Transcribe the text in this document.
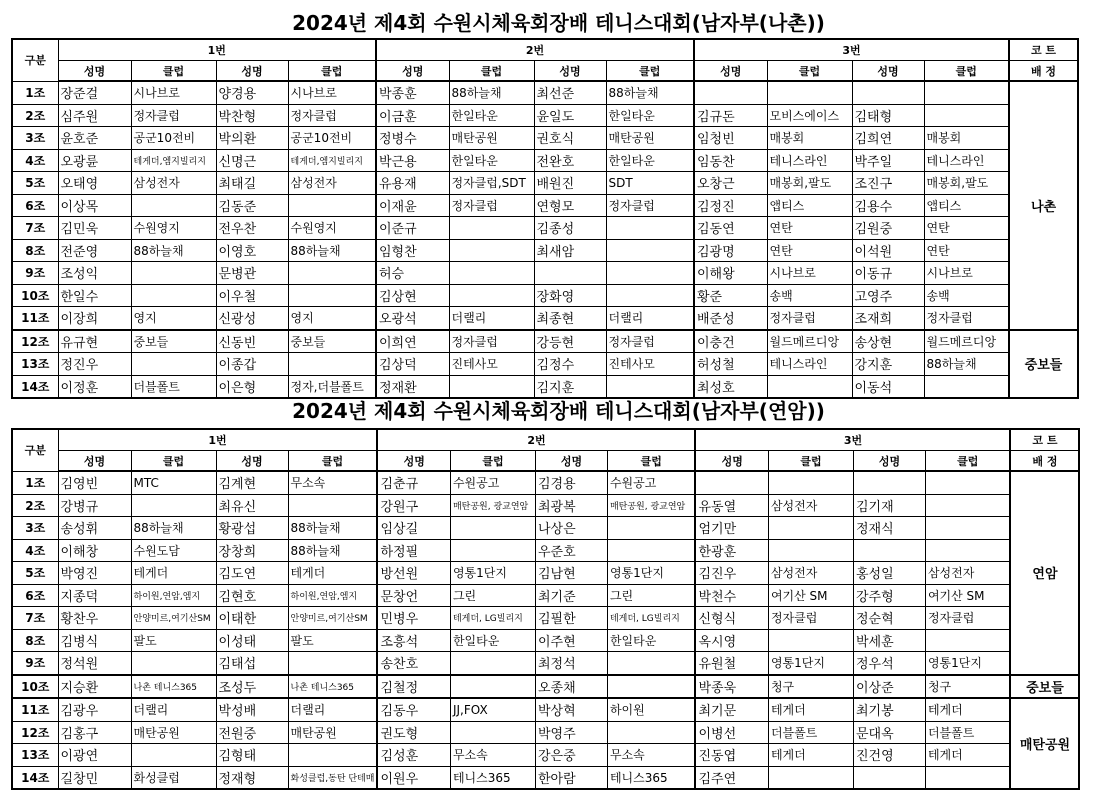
2024년 제4회 수원시체육회장배 테니스대회(남자부(나촌))
구분	1번				2번				3번				코 트
	성명	클럽	성명	클럽	성명	클럽	성명	클럽	성명	클럽	성명	클럽	배 정
1조	장준걸	시나브로	양경용	시나브로	박종훈	88하늘채	최선준	88하늘채					나촌
2조	심주원	정자클럽	박찬형	정자클럽	이금훈	한일타운	윤일도	한일타운	김규돈	모비스에이스	김태형		
3조	윤호준	공군10전비	박의환	공군10전비	정병수	매탄공원	권호식	매탄공원	임청빈	매봉회	김희연	매봉회	
4조	오광륜	테게더,엠지빌리지	신명근	테게더,엠지빌리지	박근용	한일타운	전완호	한일타운	임동찬	테니스라인	박주일	테니스라인	
5조	오태영	삼성전자	최태길	삼성전자	유용재	정자클럽,SDT	배원진	SDT	오창근	매봉회,팔도	조진구	매봉회,팔도	
6조	이상목		김동준		이재윤	정자클럽	연형모	정자클럽	김정진	앱티스	김용수	앱티스	
7조	김민욱	수원영지	전우찬	수원영지	이준규		김종성		김동연	연탄	김원중	연탄	
8조	전준영	88하늘채	이영호	88하늘채	임형찬		최새암		김광명	연탄	이석원	연탄	
9조	조성익		문병관		허승				이해왕	시나브로	이동규	시나브로	
10조	한일수		이우철		김상현		장화영		황준	송백	고영주	송백	
11조	이장희	영지	신광성	영지	오광석	더랠리	최종현	더랠리	배준성	정자클럽	조재희	정자클럽	
12조	유규현	중보들	신동빈	중보들	이희연	정자클럽	강등현	정자클럽	이충건	월드메르디앙	송상현	월드메르디앙	중보들
13조	정진우		이종갑		김상덕	진테사모	김정수	진테사모	허성철	테니스라인	강지훈	88하늘채	
14조	이정훈	더블폴트	이은형	정자,더블폴트	정재환		김지훈		최성호		이동석		
2024년 제4회 수원시체육회장배 테니스대회(남자부(연암))
구분	1번				2번				3번				코 트
	성명	클럽	성명	클럽	성명	클럽	성명	클럽	성명	클럽	성명	클럽	배 정
1조	김영빈	MTC	김계현	무소속	김춘규	수원공고	김경용	수원공고					연암
2조	강병규		최유신		강원구	매탄공원, 광교연암	최광복	매탄공원, 광교연암	유동열	삼성전자	김기재		
3조	송성휘	88하늘채	황광섭	88하늘채	임상길		나상은		엄기만		정재식		
4조	이해창	수원도담	장창희	88하늘채	하정필		우준호		한광훈				
5조	박영진	테게더	김도연	테게더	방선원	영통1단지	김남현	영통1단지	김진우	삼성전자	홍성일	삼성전자	
6조	지종덕	하이원,연암,엠지	김현호	하이원,연암,엠지	문창언	그린	최기준	그린	박천수	여기산 SM	강주형	여기산 SM	
7조	황찬우	안양미르,여기산SM	이태한	안양미르,여기산SM	민병우	테게더, LG빌리지	김필한	테게더, LG빌리지	신형식	정자클럽	정순혁	정자클럽	
8조	김병식	팔도	이성태	팔도	조흥석	한일타운	이주현	한일타운	옥시영		박세훈		
9조	정석원		김태섭		송찬호		최정석		유원철	영통1단지	정우석	영통1단지	
10조	지승환	나촌 테니스365	조성두	나촌 테니스365	김철정		오종채		박종욱	청구	이상준	청구	중보들
11조	김광우	더랠리	박성배	더랠리	김동우	JJ,FOX	박상혁	하이원	최기문	테게더	최기봉	테게더	매탄공원
12조	김홍구	매탄공원	전원중	매탄공원	권도형		박영주		이병선	더블폴트	문대옥	더블폴트	
13조	이광연		김형태		김성훈	무소속	강은중	무소속	진동엽	테게더	진건영	테게더	
14조	길창민	화성클럽	정재형	화성클럽,동탄 단테매	이원우	테니스365	한아람	테니스365	김주연				
